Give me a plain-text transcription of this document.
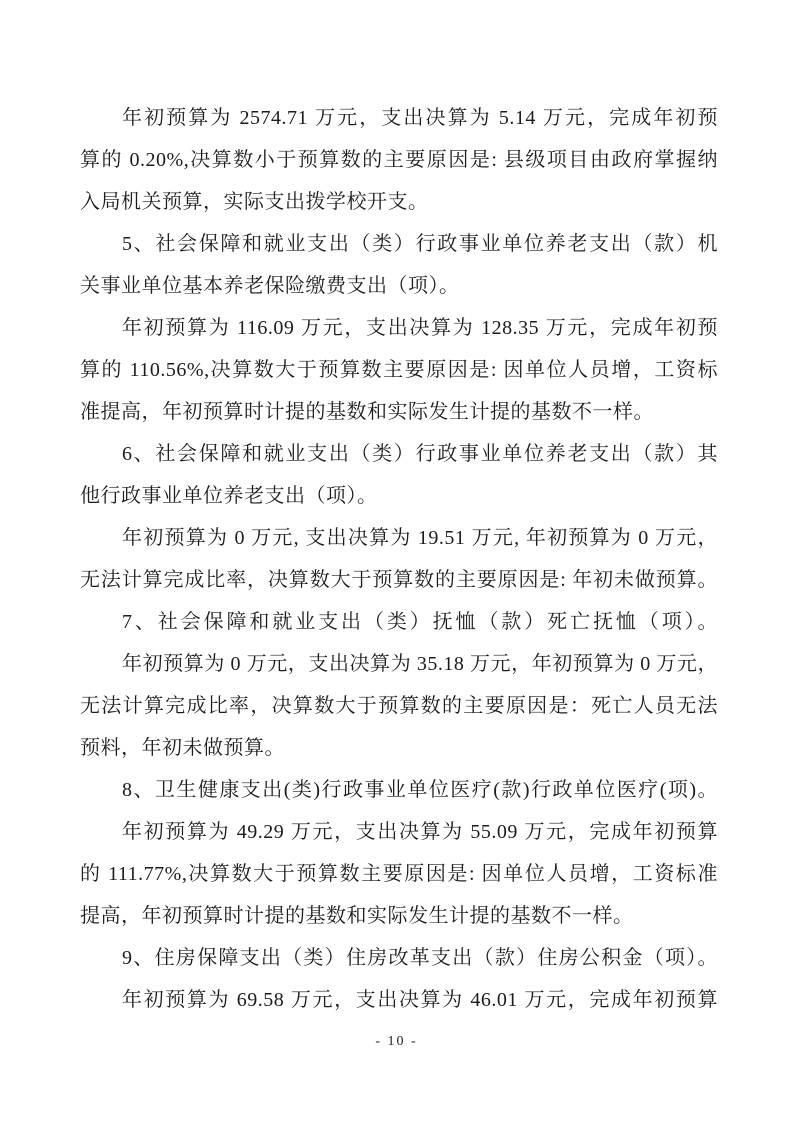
年初预算为 2574.71 万元，支出决算为 5.14 万元，完成年初预
算的 0.20%,决算数小于预算数的主要原因是: 县级项目由政府掌握纳
入局机关预算，实际支出拨学校开支。
5、社会保障和就业支出（类）行政事业单位养老支出（款）机
关事业单位基本养老保险缴费支出（项）。
年初预算为 116.09 万元，支出决算为 128.35 万元，完成年初预
算的 110.56%,决算数大于预算数主要原因是: 因单位人员增，工资标
准提高，年初预算时计提的基数和实际发生计提的基数不一样。
6、社会保障和就业支出（类）行政事业单位养老支出（款）其
他行政事业单位养老支出（项）。
年初预算为 0 万元, 支出决算为 19.51 万元, 年初预算为 0 万元，
无法计算完成比率，决算数大于预算数的主要原因是: 年初未做预算。
7、社会保障和就业支出（类）抚恤（款）死亡抚恤（项）。
年初预算为 0 万元，支出决算为 35.18 万元，年初预算为 0 万元，
无法计算完成比率，决算数大于预算数的主要原因是：死亡人员无法
预料，年初未做预算。
8、卫生健康支出(类)行政事业单位医疗(款)行政单位医疗(项)。
年初预算为 49.29 万元，支出决算为 55.09 万元，完成年初预算
的 111.77%,决算数大于预算数主要原因是: 因单位人员增，工资标准
提高，年初预算时计提的基数和实际发生计提的基数不一样。
9、住房保障支出（类）住房改革支出（款）住房公积金（项）。
年初预算为 69.58 万元，支出决算为 46.01 万元，完成年初预算
- 10 -
